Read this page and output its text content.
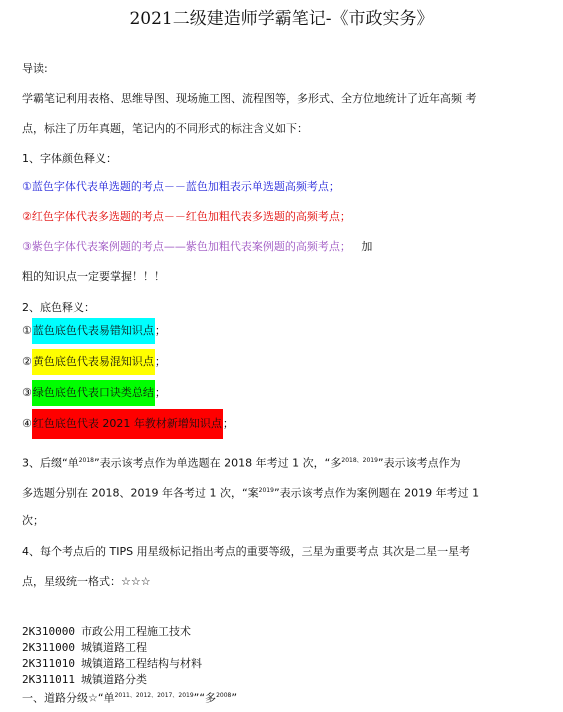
2021二级建造师学霸笔记-《市政实务》
导读:
学霸笔记利用表格、思维导图、现场施工图、流程图等，多形式、全方位地统计了近年高频 考
点，标注了历年真题，笔记内的不同形式的标注含义如下：
1、字体颜色释义：
①蓝色字体代表单选题的考点－－蓝色加粗表示单选题高频考点；
②红色字体代表多选题的考点－－红色加粗代表多选题的高频考点；
③紫色字体代表案例题的考点——紫色加粗代表案例题的高频考点； 加
粗的知识点一定要掌握！！！
2、底色释义：
①蓝色底色代表易错知识点；
②黄色底色代表易混知识点；
③绿色底色代表口诀类总结；
④红色底色代表 2021 年教材新增知识点；
3、后缀“单$^{2018}$”表示该考点作为单选题在 2018 年考过 1 次，“多$^{2018、2019}$”表示该考点作为
多选题分别在 2018、2019 年各考过 1 次，“案$^{2019}$”表示该考点作为案例题在 2019 年考过 1
次；
4、每个考点后的 TIPS 用星级标记指出考点的重要等级，三星为重要考点 其次是二星一星考
点，星级统一格式：☆☆☆
2K310000 市政公用工程施工技术
2K311000 城镇道路工程
2K311010 城镇道路工程结构与材料
2K311011 城镇道路分类
一、道路分级☆“单$^{2011、2012、2017、2019}$”“多$^{2008}$”
